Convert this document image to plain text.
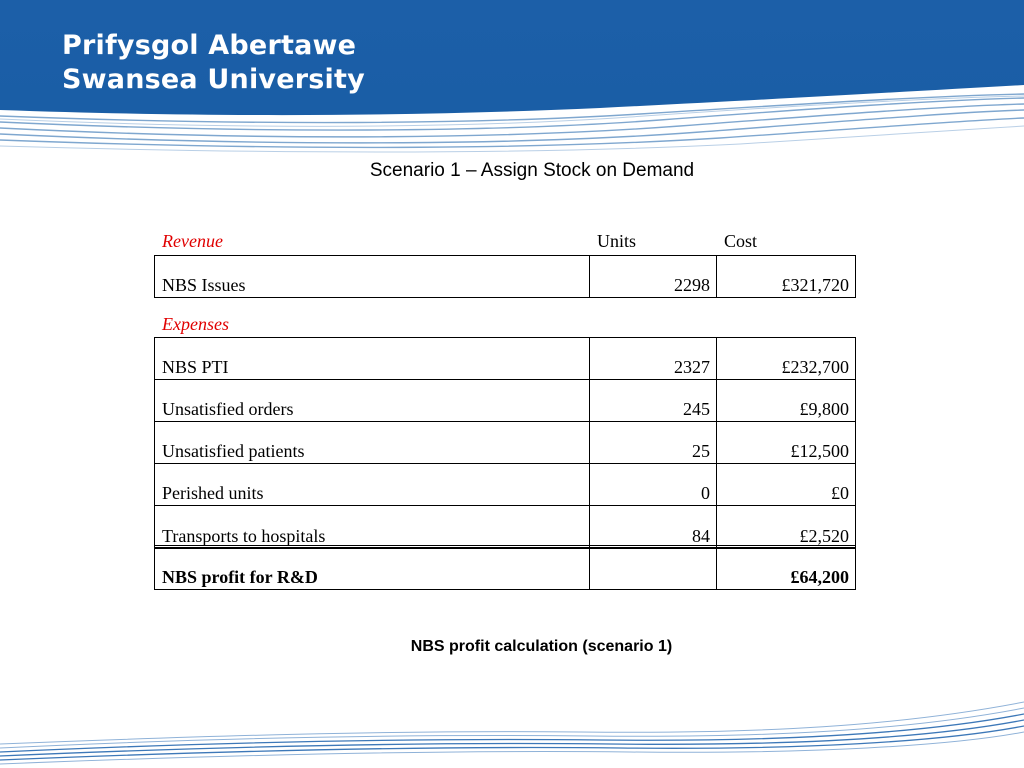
Prifysgol Abertawe
Swansea University
Scenario 1 – Assign Stock on Demand
Revenue	Units	Cost
NBS Issues	2298	£321,720
Expenses
NBS PTI	2327	£232,700
Unsatisfied orders	245	£9,800
Unsatisfied patients	25	£12,500
Perished units	0	£0
Transports to hospitals	84	£2,520
NBS profit for R&D		£64,200
NBS profit calculation (scenario 1)
